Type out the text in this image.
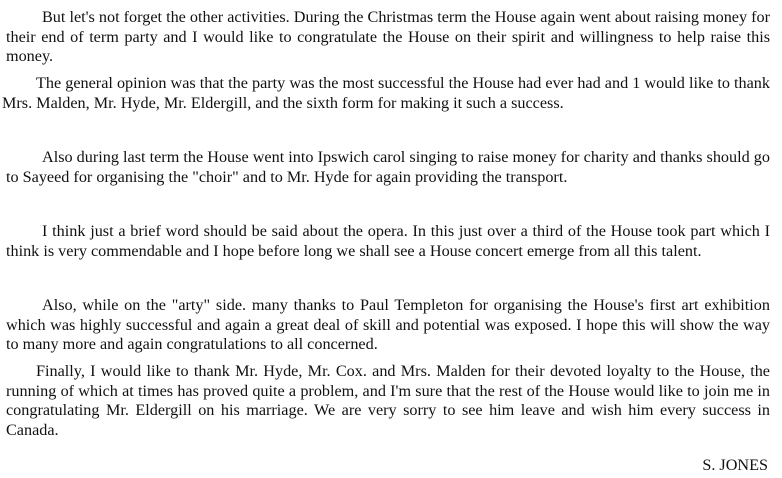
But let's not forget the other activities. During the Christmas term the House again went about raising money for their end of term party and I would like to congratulate the House on their spirit and willingness to help raise this money.

The general opinion was that the party was the most successful the House had ever had and 1 would like to thank Mrs. Malden, Mr. Hyde, Mr. Eldergill, and the sixth form for making it such a success.

Also during last term the House went into Ipswich carol singing to raise money for charity and thanks should go to Sayeed for organising the "choir" and to Mr. Hyde for again providing the transport.

I think just a brief word should be said about the opera. In this just over a third of the House took part which I think is very commendable and I hope before long we shall see a House concert emerge from all this talent.

Also, while on the "arty" side. many thanks to Paul Templeton for organising the House's first art exhibition which was highly successful and again a great deal of skill and potential was exposed. I hope this will show the way to many more and again congratulations to all concerned.

Finally, I would like to thank Mr. Hyde, Mr. Cox. and Mrs. Malden for their devoted loyalty to the House, the running of which at times has proved quite a problem, and I'm sure that the rest of the House would like to join me in congratulating Mr. Eldergill on his marriage. We are very sorry to see him leave and wish him every success in Canada.

S. JONES
